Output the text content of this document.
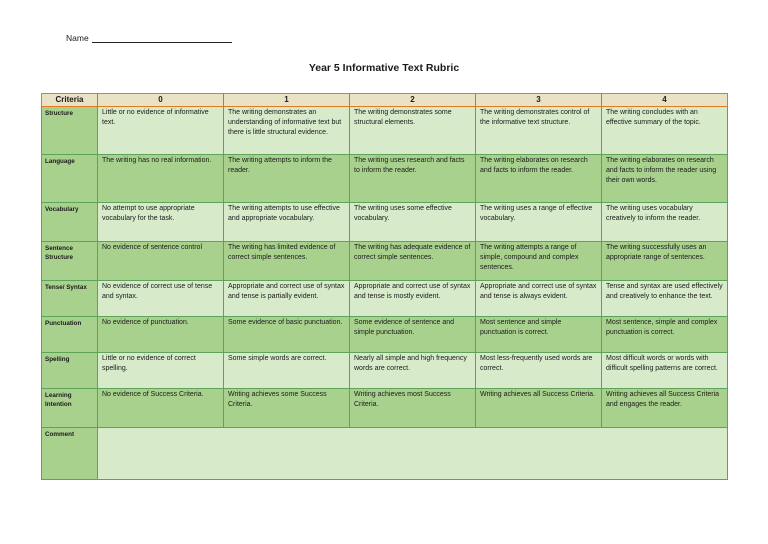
Name
Year 5 Informative Text Rubric
Criteria	0	1	2	3	4
Structure	Little or no evidence of informative text.	The writing demonstrates an understanding of informative text but there is little structural evidence.	The writing demonstrates some structural elements.	The writing demonstrates control of the informative text structure.	The writing concludes with an effective summary of the topic.
Language	The writing has no real information.	The writing attempts to inform the reader.	The writing uses research and facts to inform the reader.	The writing elaborates on research and facts to inform the reader.	The writing elaborates on research and facts to inform the reader using their own words.
Vocabulary	No attempt to use appropriate vocabulary for the task.	The writing attempts to use effective and appropriate vocabulary.	The writing uses some effective vocabulary.	The writing uses a range of effective vocabulary.	The writing uses vocabulary creatively to inform the reader.
Sentence Structure	No evidence of sentence control	The writing has limited evidence of correct simple sentences.	The writing has adequate evidence of correct simple sentences.	The writing attempts a range of simple, compound and complex sentences.	The writing successfully uses an appropriate range of sentences.
Tense/ Syntax	No evidence of correct use of tense and syntax.	Appropriate and correct use of syntax and tense is partially evident.	Appropriate and correct use of syntax and tense is mostly evident.	Appropriate and correct use of syntax and tense is always evident.	Tense and syntax are used effectively and creatively to enhance the text.
Punctuation	No evidence of punctuation.	Some evidence of basic punctuation.	Some evidence of sentence and simple punctuation.	Most sentence and simple punctuation is correct.	Most sentence, simple and complex punctuation is correct.
Spelling	Little or no evidence of correct spelling.	Some simple words are correct.	Nearly all simple and high frequency words are correct.	Most less-frequently used words are correct.	Most difficult words or words with difficult spelling patterns are correct.
Learning Intention	No evidence of Success Criteria.	Writing achieves some Success Criteria.	Writing achieves most Success Criteria.	Writing achieves all Success Criteria.	Writing achieves all Success Criteria and engages the reader.
Comment					
